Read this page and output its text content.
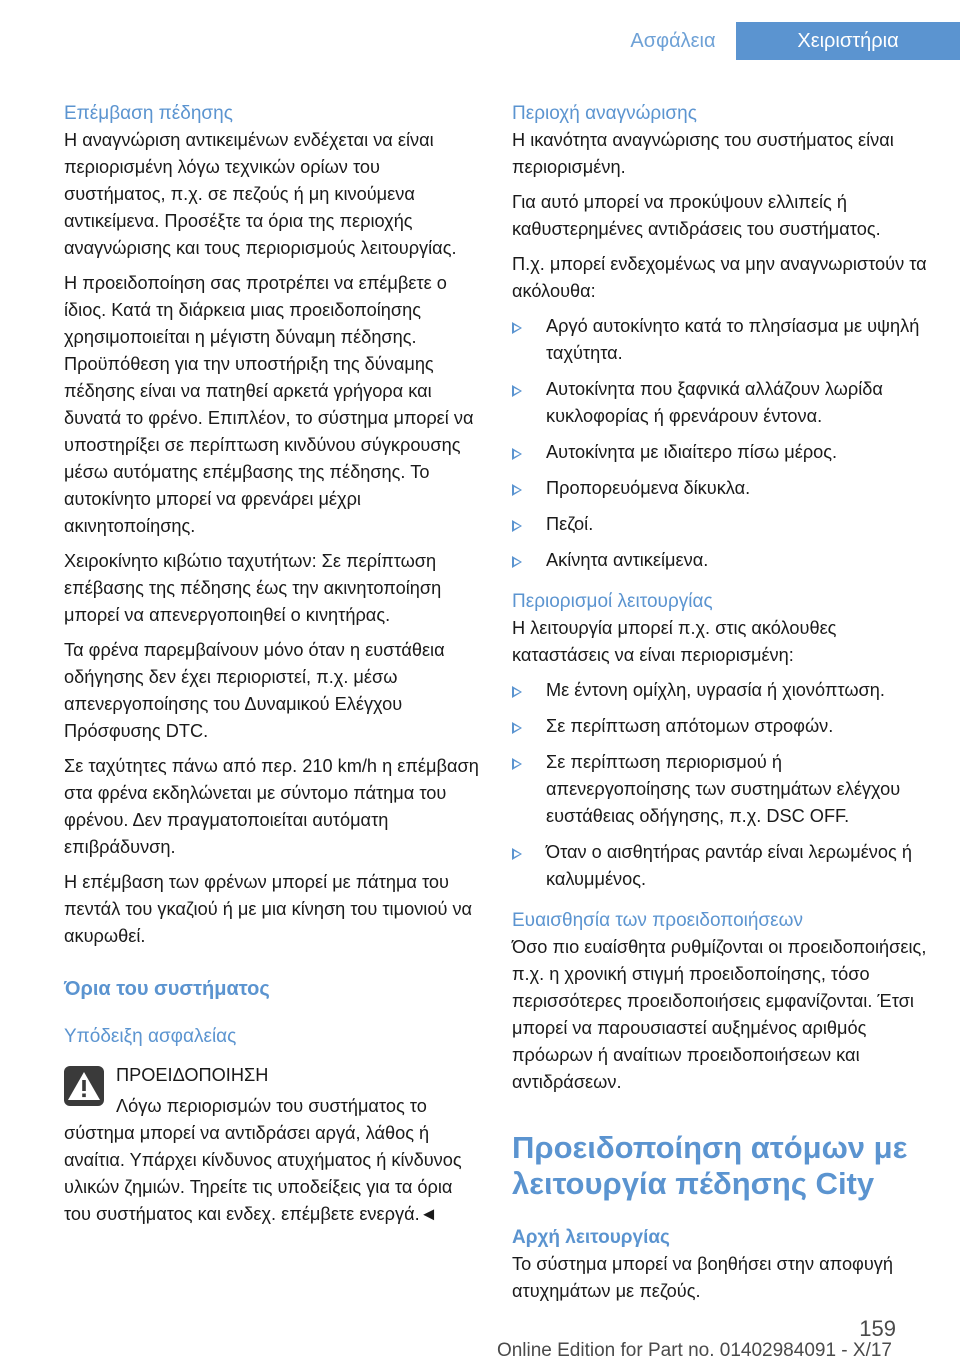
Ασφάλεια	Χειριστήρια
Επέμβαση πέδησης

Η αναγνώριση αντικειμένων ενδέχεται να είναι περιορισμένη λόγω τεχνικών ορίων του συστήματος, π.χ. σε πεζούς ή μη κινούμενα αντικείμενα. Προσέξτε τα όρια της περιοχής αναγνώρισης και τους περιορισμούς λειτουργίας.

Η προειδοποίηση σας προτρέπει να επέμβετε ο ίδιος. Κατά τη διάρκεια μιας προειδοποίησης χρησιμοποιείται η μέγιστη δύναμη πέδησης. Προϋπόθεση για την υποστήριξη της δύναμης πέδησης είναι να πατηθεί αρκετά γρήγορα και δυνατά το φρένο. Επιπλέον, το σύστημα μπορεί να υποστηρίξει σε περίπτωση κινδύνου σύγκρουσης μέσω αυτόματης επέμβασης της πέδησης. Το αυτοκίνητο μπορεί να φρενάρει μέχρι ακινητοποίησης.

Χειροκίνητο κιβώτιο ταχυτήτων: Σε περίπτωση επέβασης της πέδησης έως την ακινητοποίηση μπορεί να απενεργοποιηθεί ο κινητήρας.

Τα φρένα παρεμβαίνουν μόνο όταν η ευστάθεια οδήγησης δεν έχει περιοριστεί, π.χ. μέσω απενεργοποίησης του Δυναμικού Ελέγχου Πρόσφυσης DTC.

Σε ταχύτητες πάνω από περ. 210 km/h η επέμβαση στα φρένα εκδηλώνεται με σύντομο πάτημα του φρένου. Δεν πραγματοποιείται αυτόματη επιβράδυνση.

Η επέμβαση των φρένων μπορεί με πάτημα του πεντάλ του γκαζιού ή με μια κίνηση του τιμονιού να ακυρωθεί.

Όρια του συστήματος
Υπόδειξη ασφαλείας
ΠΡΟΕΙΔΟΠΟΙΗΣΗ
Λόγω περιορισμών του συστήματος το σύστημα μπορεί να αντιδράσει αργά, λάθος ή αναίτια. Υπάρχει κίνδυνος ατυχήματος ή κίνδυνος υλικών ζημιών. Τηρείτε τις υποδείξεις για τα όρια του συστήματος και ενδεχ. επέμβετε ενεργά.◄
Περιοχή αναγνώρισης

Η ικανότητα αναγνώρισης του συστήματος είναι περιορισμένη.

Για αυτό μπορεί να προκύψουν ελλιπείς ή καθυστερημένες αντιδράσεις του συστήματος.

Π.χ. μπορεί ενδεχομένως να μην αναγνωριστούν τα ακόλουθα:

Αργό αυτοκίνητο κατά το πλησίασμα με υψηλή ταχύτητα.
Αυτοκίνητα που ξαφνικά αλλάζουν λωρίδα κυκλοφορίας ή φρενάρουν έντονα.
Αυτοκίνητα με ιδιαίτερο πίσω μέρος.
Προπορευόμενα δίκυκλα.
Πεζοί.
Ακίνητα αντικείμενα.
Περιορισμοί λειτουργίας

Η λειτουργία μπορεί π.χ. στις ακόλουθες καταστάσεις να είναι περιορισμένη:

Με έντονη ομίχλη, υγρασία ή χιονόπτωση.
Σε περίπτωση απότομων στροφών.
Σε περίπτωση περιορισμού ή απενεργοποίησης των συστημάτων ελέγχου ευστάθειας οδήγησης, π.χ. DSC OFF.
Όταν ο αισθητήρας ραντάρ είναι λερωμένος ή καλυμμένος.
Ευαισθησία των προειδοποιήσεων

Όσο πιο ευαίσθητα ρυθμίζονται οι προειδοποιήσεις, π.χ. η χρονική στιγμή προειδοποίησης, τόσο περισσότερες προειδοποιήσεις εμφανίζονται. Έτσι μπορεί να παρουσιαστεί αυξημένος αριθμός πρόωρων ή αναίτιων προειδοποιήσεων και αντιδράσεων.

Προειδοποίηση ατόμων με λειτουργία πέδησης City
Αρχή λειτουργίας

Το σύστημα μπορεί να βοηθήσει στην αποφυγή ατυχημάτων με πεζούς.

159
Online Edition for Part no. 01402984091 - X/17
